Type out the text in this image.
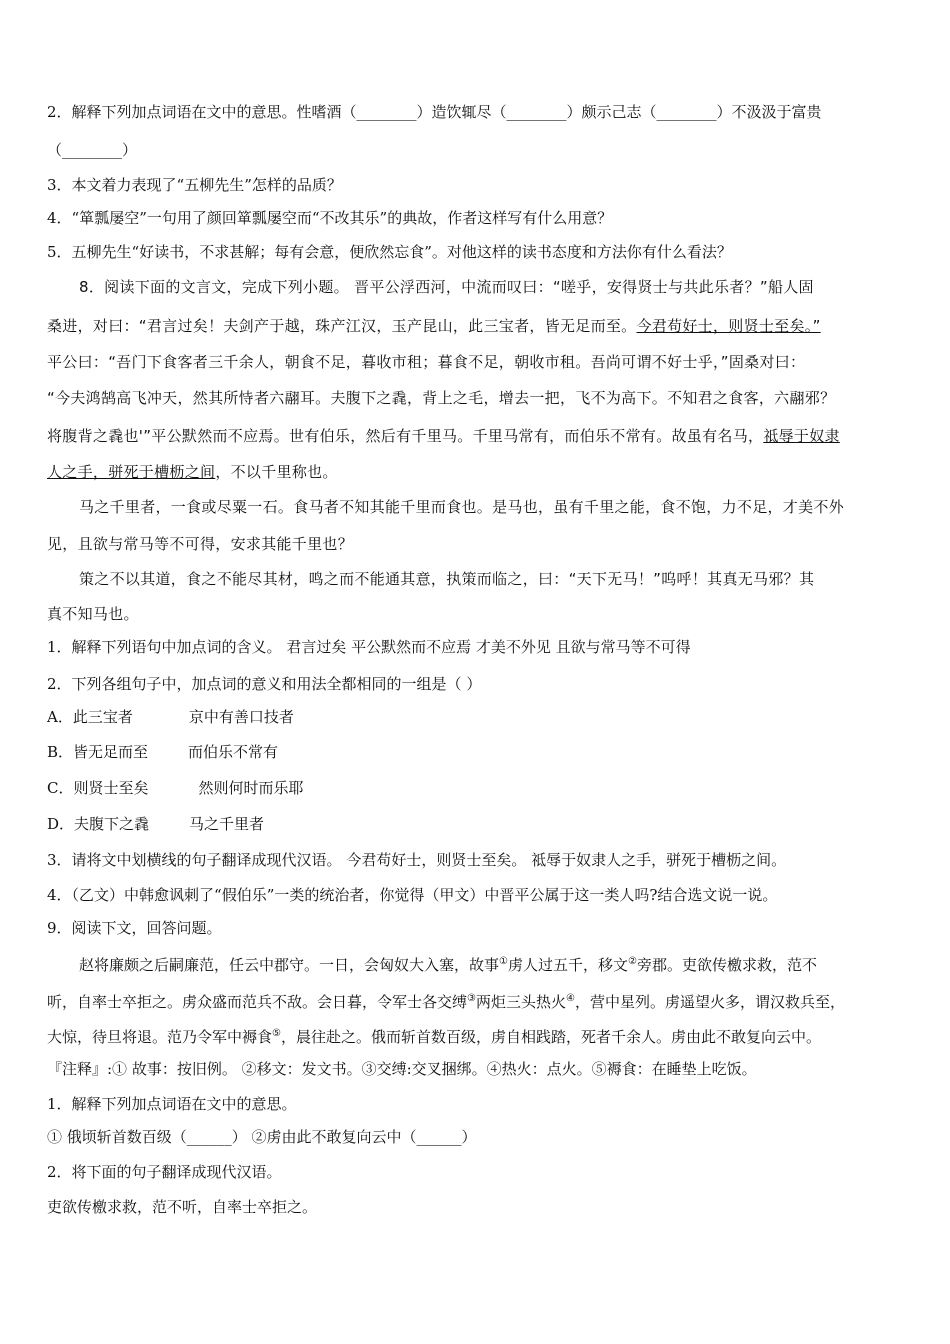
2．解释下列加点词语在文中的意思。性嗜酒（________）造饮辄尽（________）颇示己志（________）不汲汲于富贵
（________）
3．本文着力表现了“五柳先生”怎样的品质？
4．“箪瓢屡空”一句用了颜回箪瓢屡空而“不改其乐”的典故，作者这样写有什么用意？
5．五柳先生“好读书，不求甚解；每有会意，便欣然忘食”。对他这样的读书态度和方法你有什么看法？
8．阅读下面的文言文，完成下列小题。 晋平公浮西河，中流而叹曰：“嗟乎，安得贤士与共此乐者？”船人固
桑进，对曰：“君言过矣！夫剑产于越，珠产江汉，玉产昆山，此三宝者，皆无足而至。今君苟好士，则贤士至矣。”
平公曰：“吾门下食客者三千余人，朝食不足，暮收市租；暮食不足，朝收市租。吾尚可谓不好士乎，”固桑对曰：
“今夫鸿鹄高飞冲天，然其所恃者六翮耳。夫腹下之毳，背上之毛，增去一把，飞不为高下。不知君之食客，六翮邪？
将腹背之毳也'”平公默然而不应焉。世有伯乐，然后有千里马。千里马常有，而伯乐不常有。故虽有名马，祗辱于奴隶
人之手，骈死于槽枥之间，不以千里称也。
马之千里者，一食或尽粟一石。食马者不知其能千里而食也。是马也，虽有千里之能，食不饱，力不足，才美不外
见，且欲与常马等不可得，安求其能千里也？
策之不以其道，食之不能尽其材，鸣之而不能通其意，执策而临之，曰：“天下无马！”呜呼！其真无马邪？其
真不知马也。
1．解释下列语句中加点词的含义。 君言过矣 平公默然而不应焉 才美不外见 且欲与常马等不可得
2．下列各组句子中，加点词的意义和用法全都相同的一组是（ ）
A．此三宝者	京中有善口技者
B．皆无足而至	而伯乐不常有
C．则贤士至矣	然则何时而乐耶
D．夫腹下之毳	马之千里者
3．请将文中划横线的句子翻译成现代汉语。 今君苟好士，则贤士至矣。 祗辱于奴隶人之手，骈死于槽枥之间。
4．（乙文）中韩愈讽刺了“假伯乐”一类的统治者，你觉得（甲文）中晋平公属于这一类人吗?结合选文说一说。
9．阅读下文，回答问题。
赵将廉颇之后嗣廉范，任云中郡守。一日，会匈奴大入塞，故事①虏人过五千，移文②旁郡。吏欲传檄求救，范不
听，自率士卒拒之。虏众盛而范兵不敌。会日暮，令军士各交缚③两炬三头热火④，营中星列。虏遥望火多，谓汉救兵至，
大惊，待旦将退。范乃令军中褥食⑤，晨往赴之。俄而斩首数百级，虏自相践踏，死者千余人。虏由此不敢复向云中。
『注释』:① 故事：按旧例。 ②移文：发文书。③交缚:交叉捆绑。④热火：点火。⑤褥食：在睡垫上吃饭。
1．解释下列加点词语在文中的意思。
① 俄顷斩首数百级（______） ②虏由此不敢复向云中（______）
2．将下面的句子翻译成现代汉语。
吏欲传檄求救，范不听，自率士卒拒之。
